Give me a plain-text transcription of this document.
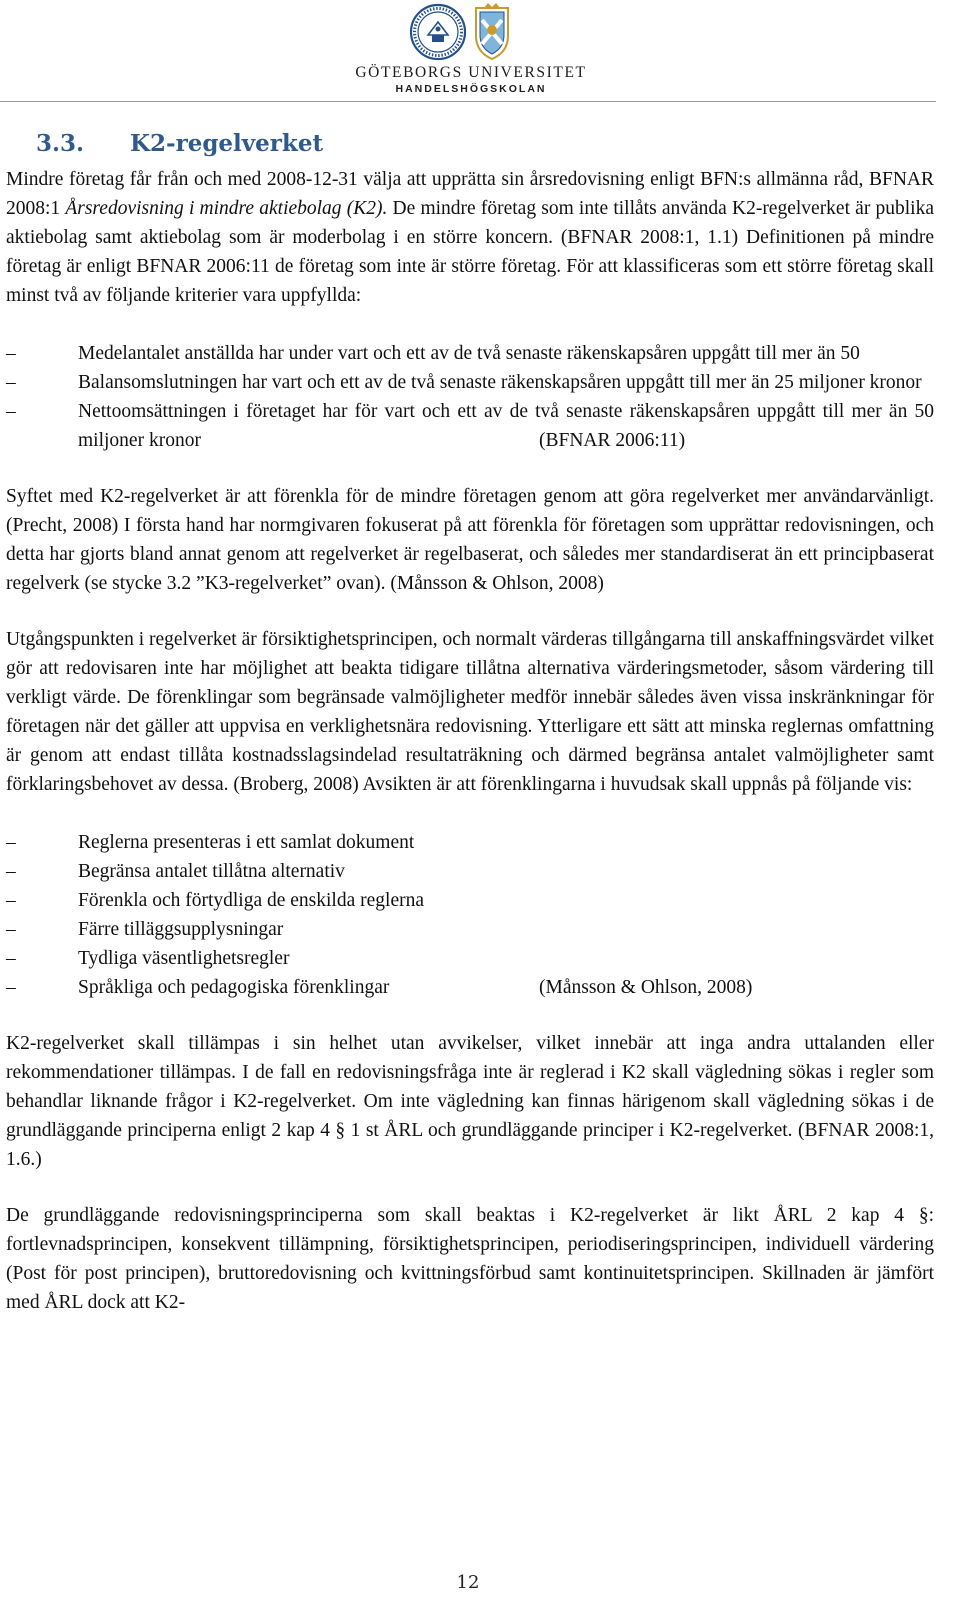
GÖTEBORGS UNIVERSITET
HANDELSHÖGSKOLAN
3.3. K2-regelverket

Mindre företag får från och med 2008-12-31 välja att upprätta sin årsredovisning enligt BFN:s allmänna råd, BFNAR 2008:1 Årsredovisning i mindre aktiebolag (K2). De mindre företag som inte tillåts använda K2-regelverket är publika aktiebolag samt aktiebolag som är moderbolag i en större koncern. (BFNAR 2008:1, 1.1) Definitionen på mindre företag är enligt BFNAR 2006:11 de företag som inte är större företag. För att klassificeras som ett större företag skall minst två av följande kriterier vara uppfyllda:

–	Medelantalet anställda har under vart och ett av de två senaste räkenskapsåren uppgått till mer än 50
–	Balansomslutningen har vart och ett av de två senaste räkenskapsåren uppgått till mer än 25 miljoner kronor
–	Nettoomsättningen i företaget har för vart och ett av de två senaste räkenskapsåren uppgått till mer än 50 miljoner kronor	(BFNAR 2006:11)

Syftet med K2-regelverket är att förenkla för de mindre företagen genom att göra regelverket mer användarvänligt. (Precht, 2008) I första hand har normgivaren fokuserat på att förenkla för företagen som upprättar redovisningen, och detta har gjorts bland annat genom att regelverket är regelbaserat, och således mer standardiserat än ett principbaserat regelverk (se stycke 3.2 ”K3-regelverket” ovan). (Månsson & Ohlson, 2008)

Utgångspunkten i regelverket är försiktighetsprincipen, och normalt värderas tillgångarna till anskaffningsvärdet vilket gör att redovisaren inte har möjlighet att beakta tidigare tillåtna alternativa värderingsmetoder, såsom värdering till verkligt värde. De förenklingar som begränsade valmöjligheter medför innebär således även vissa inskränkningar för företagen när det gäller att uppvisa en verklighetsnära redovisning. Ytterligare ett sätt att minska reglernas omfattning är genom att endast tillåta kostnadsslagsindelad resultaträkning och därmed begränsa antalet valmöjligheter samt förklaringsbehovet av dessa. (Broberg, 2008) Avsikten är att förenklingarna i huvudsak skall uppnås på följande vis:

–	Reglerna presenteras i ett samlat dokument
–	Begränsa antalet tillåtna alternativ
–	Förenkla och förtydliga de enskilda reglerna
–	Färre tilläggsupplysningar
–	Tydliga väsentlighetsregler
–	Språkliga och pedagogiska förenklingar	(Månsson & Ohlson, 2008)

K2-regelverket skall tillämpas i sin helhet utan avvikelser, vilket innebär att inga andra uttalanden eller rekommendationer tillämpas. I de fall en redovisningsfråga inte är reglerad i K2 skall vägledning sökas i regler som behandlar liknande frågor i K2-regelverket. Om inte vägledning kan finnas härigenom skall vägledning sökas i de grundläggande principerna enligt 2 kap 4 § 1 st ÅRL och grundläggande principer i K2-regelverket. (BFNAR 2008:1, 1.6.)

De grundläggande redovisningsprinciperna som skall beaktas i K2-regelverket är likt ÅRL 2 kap 4 §: fortlevnadsprincipen, konsekvent tillämpning, försiktighetsprincipen, periodiseringsprincipen, individuell värdering (Post för post principen), bruttoredovisning och kvittningsförbud samt kontinuitetsprincipen. Skillnaden är jämfört med ÅRL dock att K2-

12
